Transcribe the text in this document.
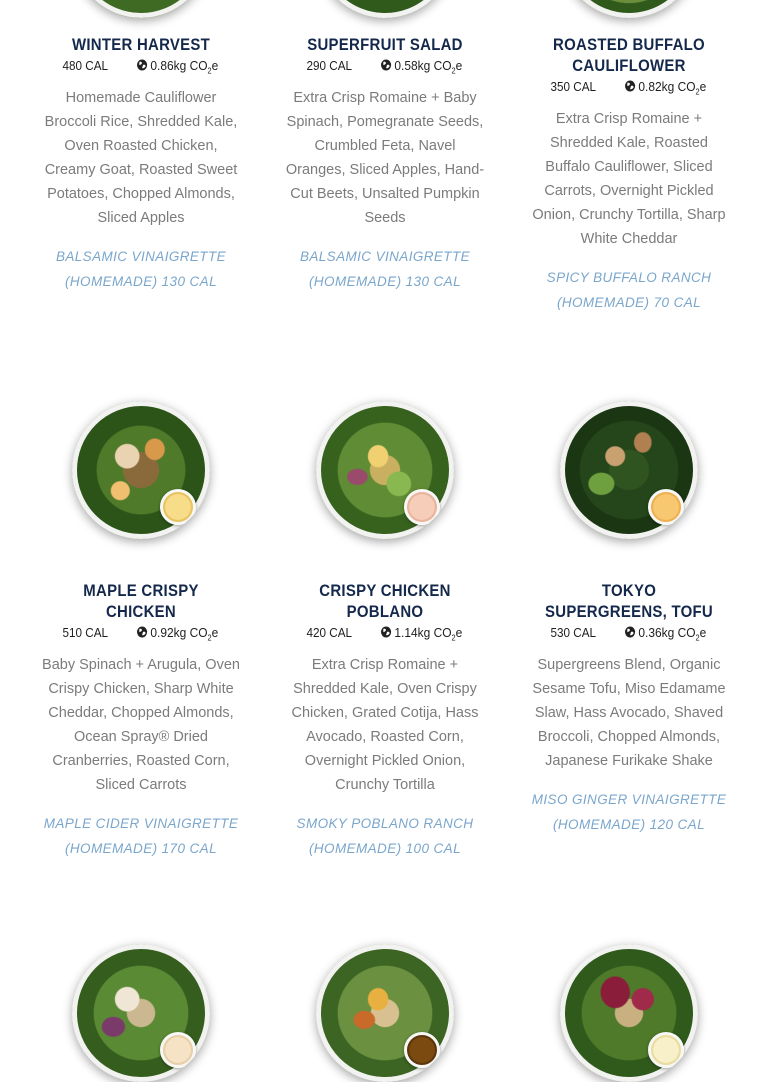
WINTER HARVEST
480 CAL	0.86kg $CO_2e$
Homemade Cauliflower Broccoli Rice, Shredded Kale, Oven Roasted Chicken, Creamy Goat, Roasted Sweet Potatoes, Chopped Almonds, Sliced Apples
BALSAMIC VINAIGRETTE (HOMEMADE) 130 CAL
SUPERFRUIT SALAD
290 CAL	0.58kg $CO_2e$
Extra Crisp Romaine + Baby Spinach, Pomegranate Seeds, Crumbled Feta, Navel Oranges, Sliced Apples, Hand-Cut Beets, Unsalted Pumpkin Seeds
BALSAMIC VINAIGRETTE (HOMEMADE) 130 CAL
ROASTED BUFFALO CAULIFLOWER
350 CAL	0.82kg $CO_2e$
Extra Crisp Romaine + Shredded Kale, Roasted Buffalo Cauliflower, Sliced Carrots, Overnight Pickled Onion, Crunchy Tortilla, Sharp White Cheddar
SPICY BUFFALO RANCH (HOMEMADE) 70 CAL
MAPLE CRISPY CHICKEN
510 CAL	0.92kg $CO_2e$
Baby Spinach + Arugula, Oven Crispy Chicken, Sharp White Cheddar, Chopped Almonds, Ocean Spray® Dried Cranberries, Roasted Corn, Sliced Carrots
MAPLE CIDER VINAIGRETTE (HOMEMADE) 170 CAL
CRISPY CHICKEN POBLANO
420 CAL	1.14kg $CO_2e$
Extra Crisp Romaine + Shredded Kale, Oven Crispy Chicken, Grated Cotija, Hass Avocado, Roasted Corn, Overnight Pickled Onion, Crunchy Tortilla
SMOKY POBLANO RANCH (HOMEMADE) 100 CAL
TOKYO SUPERGREENS, TOFU
530 CAL	0.36kg $CO_2e$
Supergreens Blend, Organic Sesame Tofu, Miso Edamame Slaw, Hass Avocado, Shaved Broccoli, Chopped Almonds, Japanese Furikake Shake
MISO GINGER VINAIGRETTE (HOMEMADE) 120 CAL
